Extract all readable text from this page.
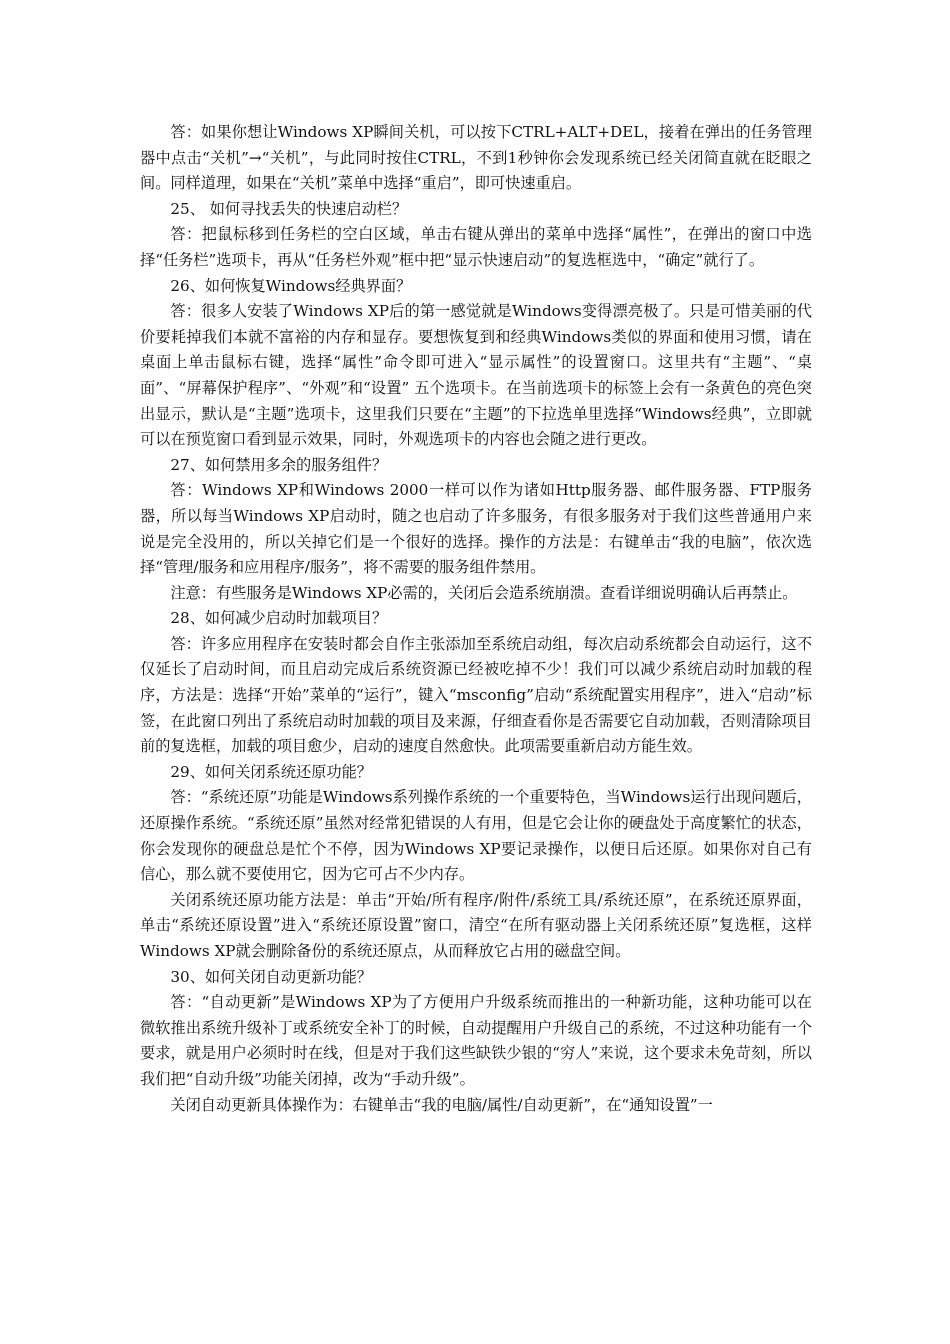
答：如果你想让Windows XP瞬间关机，可以按下CTRL+ALT+DEL，接着在弹出的任务管理器中点击“关机”→“关机”，与此同时按住CTRL，不到1秒钟你会发现系统已经关闭简直就在眨眼之间。同样道理，如果在“关机”菜单中选择“重启”，即可快速重启。

25、 如何寻找丢失的快速启动栏？

答：把鼠标移到任务栏的空白区域，单击右键从弹出的菜单中选择“属性”，在弹出的窗口中选择“任务栏”选项卡，再从“任务栏外观”框中把“显示快速启动”的复选框选中，“确定”就行了。

26、如何恢复Windows经典界面？

答：很多人安装了Windows XP后的第一感觉就是Windows变得漂亮极了。只是可惜美丽的代价要耗掉我们本就不富裕的内存和显存。要想恢复到和经典Windows类似的界面和使用习惯，请在桌面上单击鼠标右键，选择“属性”命令即可进入“显示属性”的设置窗口。这里共有“主题”、“桌面”、“屏幕保护程序”、“外观”和“设置” 五个选项卡。在当前选项卡的标签上会有一条黄色的亮色突出显示，默认是“主题”选项卡，这里我们只要在“主题”的下拉选单里选择“Windows经典”，立即就可以在预览窗口看到显示效果，同时，外观选项卡的内容也会随之进行更改。

27、如何禁用多余的服务组件？

答：Windows XP和Windows 2000一样可以作为诸如Http服务器、邮件服务器、FTP服务器，所以每当Windows XP启动时，随之也启动了许多服务，有很多服务对于我们这些普通用户来说是完全没用的，所以关掉它们是一个很好的选择。操作的方法是：右键单击“我的电脑”，依次选择“管理/服务和应用程序/服务”，将不需要的服务组件禁用。

注意：有些服务是Windows XP必需的，关闭后会造系统崩溃。查看详细说明确认后再禁止。

28、如何减少启动时加载项目？

答：许多应用程序在安装时都会自作主张添加至系统启动组，每次启动系统都会自动运行，这不仅延长了启动时间，而且启动完成后系统资源已经被吃掉不少！我们可以减少系统启动时加载的程序，方法是：选择“开始”菜单的“运行”，键入“msconfig”启动“系统配置实用程序”，进入“启动”标签，在此窗口列出了系统启动时加载的项目及来源，仔细查看你是否需要它自动加载，否则清除项目前的复选框，加载的项目愈少，启动的速度自然愈快。此项需要重新启动方能生效。

29、如何关闭系统还原功能？

答：“系统还原”功能是Windows系列操作系统的一个重要特色，当Windows运行出现问题后，还原操作系统。“系统还原”虽然对经常犯错误的人有用，但是它会让你的硬盘处于高度繁忙的状态，你会发现你的硬盘总是忙个不停，因为Windows XP要记录操作，以便日后还原。如果你对自己有信心，那么就不要使用它，因为它可占不少内存。

关闭系统还原功能方法是：单击“开始/所有程序/附件/系统工具/系统还原”，在系统还原界面，单击“系统还原设置”进入“系统还原设置”窗口，清空“在所有驱动器上关闭系统还原”复选框，这样Windows XP就会删除备份的系统还原点，从而释放它占用的磁盘空间。

30、如何关闭自动更新功能？

答：“自动更新”是Windows XP为了方便用户升级系统而推出的一种新功能，这种功能可以在微软推出系统升级补丁或系统安全补丁的时候，自动提醒用户升级自己的系统，不过这种功能有一个要求，就是用户必须时时在线，但是对于我们这些缺铁少银的“穷人”来说，这个要求未免苛刻，所以我们把“自动升级”功能关闭掉，改为“手动升级”。

关闭自动更新具体操作为：右键单击“我的电脑/属性/自动更新”，在“通知设置”一
